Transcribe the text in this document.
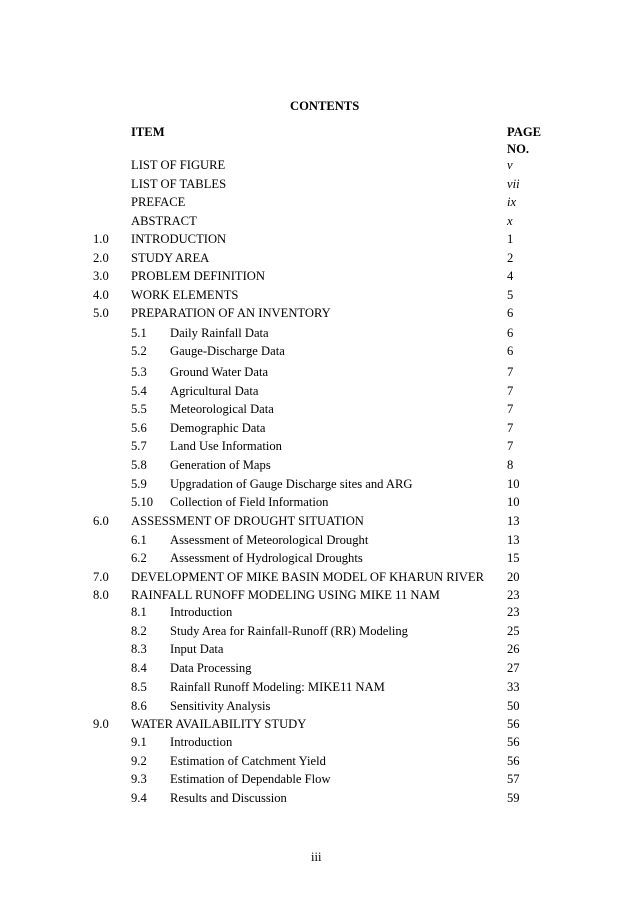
CONTENTS
ITEM	PAGE
NO.
LIST OF FIGURE	v
LIST OF TABLES	vii
PREFACE	ix
ABSTRACT	x
1.0 INTRODUCTION	1
2.0 STUDY AREA	2
3.0 PROBLEM DEFINITION	4
4.0 WORK ELEMENTS	5
5.0 PREPARATION OF AN INVENTORY	6
5.1 Daily Rainfall Data	6
5.2 Gauge-Discharge Data	6
5.3 Ground Water Data	7
5.4 Agricultural Data	7
5.5 Meteorological Data	7
5.6 Demographic Data	7
5.7 Land Use Information	7
5.8 Generation of Maps	8
5.9 Upgradation of Gauge Discharge sites and ARG	10
5.10 Collection of Field Information	10
6.0 ASSESSMENT OF DROUGHT SITUATION	13
6.1 Assessment of Meteorological Drought	13
6.2 Assessment of Hydrological Droughts	15
7.0 DEVELOPMENT OF MIKE BASIN MODEL OF KHARUN RIVER 20
8.0 RAINFALL RUNOFF MODELING USING MIKE 11 NAM	23
8.1 Introduction	23
8.2 Study Area for Rainfall-Runoff (RR) Modeling	25
8.3 Input Data	26
8.4 Data Processing	27
8.5 Rainfall Runoff Modeling: MIKE11 NAM	33
8.6 Sensitivity Analysis	50
9.0 WATER AVAILABILITY STUDY	56
9.1 Introduction	56
9.2 Estimation of Catchment Yield	56
9.3 Estimation of Dependable Flow	57
9.4 Results and Discussion	59
iii
